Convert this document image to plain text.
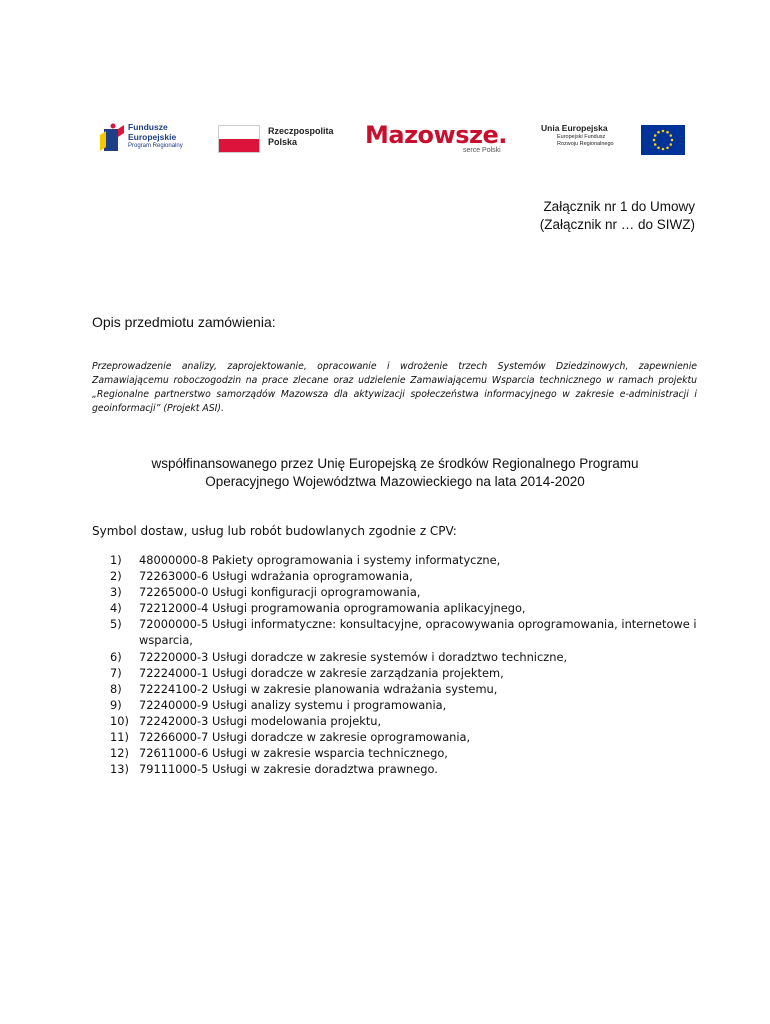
Fundusze
Europejskie
Program Regionalny
Rzeczpospolita
Polska	Mazowsze.
serce Polski
Unia Europejska
Europejski Fundusz
Rozwoju Regionalnego
Załącznik nr 1 do Umowy
(Załącznik nr … do SIWZ)
Opis przedmiotu zamówienia:
Przeprowadzenie analizy, zaprojektowanie, opracowanie i wdrożenie trzech Systemów Dziedzinowych, zapewnienie Zamawiającemu roboczogodzin na prace zlecane oraz udzielenie Zamawiającemu Wsparcia technicznego w ramach projektu „Regionalne partnerstwo samorządów Mazowsza dla aktywizacji społeczeństwa informacyjnego w zakresie e-administracji i geoinformacji” (Projekt ASI).
współfinansowanego przez Unię Europejską ze środków Regionalnego Programu
Operacyjnego Województwa Mazowieckiego na lata 2014-2020
Symbol dostaw, usług lub robót budowlanych zgodnie z CPV:
1)	48000000-8 Pakiety oprogramowania i systemy informatyczne,
2)	72263000-6 Usługi wdrażania oprogramowania,
3)	72265000-0 Usługi konfiguracji oprogramowania,
4)	72212000-4 Usługi programowania oprogramowania aplikacyjnego,
5)	72000000-5 Usługi informatyczne: konsultacyjne, opracowywania oprogramowania, internetowe i wsparcia,
6)	72220000-3 Usługi doradcze w zakresie systemów i doradztwo techniczne,
7)	72224000-1 Usługi doradcze w zakresie zarządzania projektem,
8)	72224100-2 Usługi w zakresie planowania wdrażania systemu,
9)	72240000-9 Usługi analizy systemu i programowania,
10) 72242000-3 Usługi modelowania projektu,
11) 72266000-7 Usługi doradcze w zakresie oprogramowania,
12) 72611000-6 Usługi w zakresie wsparcia technicznego,
13) 79111000-5 Usługi w zakresie doradztwa prawnego.
